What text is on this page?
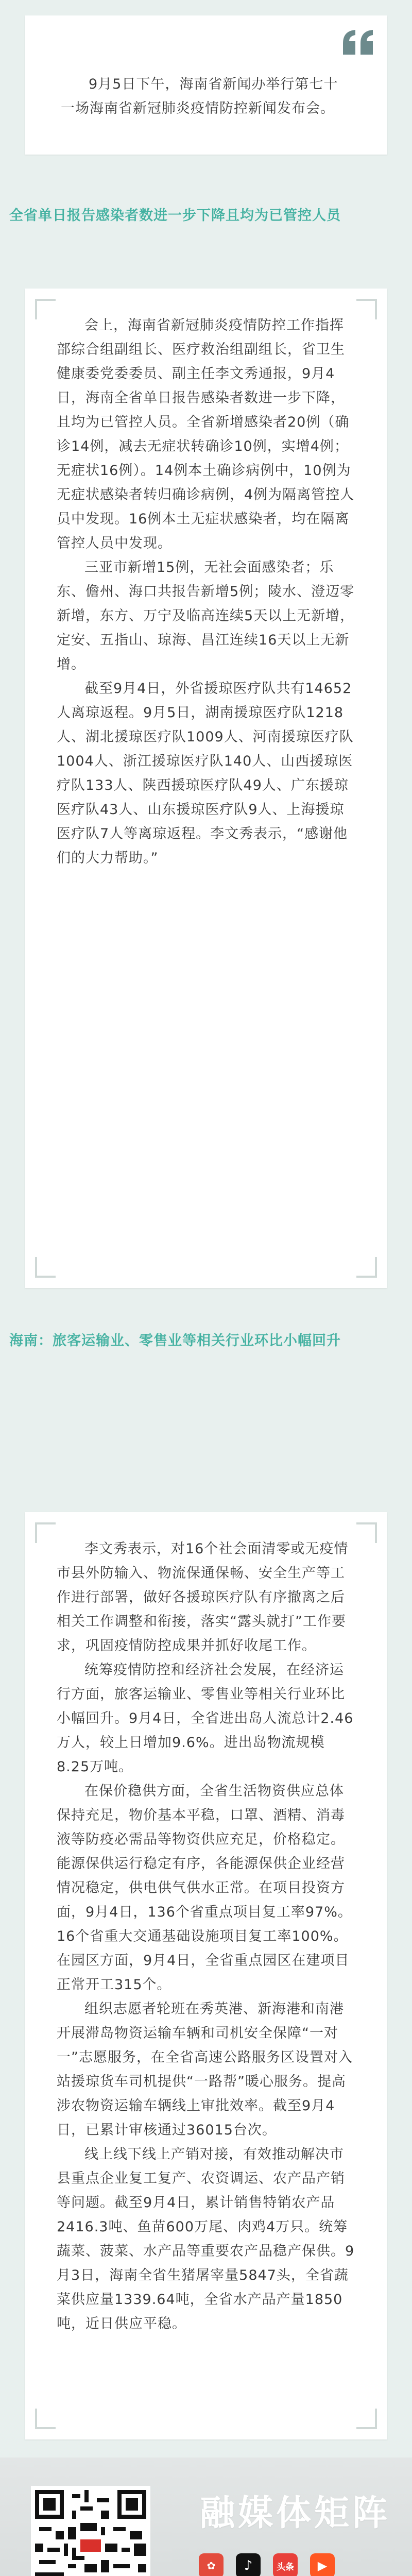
9月5日下午，海南省新闻办举行第七十一场海南省新冠肺炎疫情防控新闻发布会。

全省单日报告感染者数进一步下降且均为已管控人员

会上，海南省新冠肺炎疫情防控工作指挥部综合组副组长、医疗救治组副组长，省卫生健康委党委委员、副主任李文秀通报，9月4日，海南全省单日报告感染者数进一步下降，且均为已管控人员。全省新增感染者20例（确诊14例，减去无症状转确诊10例，实增4例；无症状16例）。14例本土确诊病例中，10例为无症状感染者转归确诊病例，4例为隔离管控人员中发现。16例本土无症状感染者，均在隔离管控人员中发现。

三亚市新增15例，无社会面感染者；乐东、儋州、海口共报告新增5例；陵水、澄迈零新增，东方、万宁及临高连续5天以上无新增，定安、五指山、琼海、昌江连续16天以上无新增。

截至9月4日，外省援琼医疗队共有14652人离琼返程。9月5日，湖南援琼医疗队1218人、湖北援琼医疗队1009人、河南援琼医疗队1004人、浙江援琼医疗队140人、山西援琼医疗队133人、陕西援琼医疗队49人、广东援琼医疗队43人、山东援琼医疗队9人、上海援琼医疗队7人等离琼返程。李文秀表示，“感谢他们的大力帮助。”

海南：旅客运输业、零售业等相关行业环比小幅回升

李文秀表示，对16个社会面清零或无疫情市县外防输入、物流保通保畅、安全生产等工作进行部署，做好各援琼医疗队有序撤离之后相关工作调整和衔接，落实“露头就打”工作要求，巩固疫情防控成果并抓好收尾工作。

统筹疫情防控和经济社会发展，在经济运行方面，旅客运输业、零售业等相关行业环比小幅回升。9月4日，全省进出岛人流总计2.46万人，较上日增加9.6%。进出岛物流规模8.25万吨。

在保价稳供方面，全省生活物资供应总体保持充足，物价基本平稳，口罩、酒精、消毒液等防疫必需品等物资供应充足，价格稳定。能源保供运行稳定有序，各能源保供企业经营情况稳定，供电供气供水正常。在项目投资方面，9月4日，136个省重点项目复工率97%。16个省重大交通基础设施项目复工率100%。在园区方面，9月4日，全省重点园区在建项目正常开工315个。

组织志愿者轮班在秀英港、新海港和南港开展滞岛物资运输车辆和司机安全保障“一对一”志愿服务，在全省高速公路服务区设置对入站援琼货车司机提供“一路帮”暖心服务。提高涉农物资运输车辆线上审批效率。截至9月4日，已累计审核通过36015台次。

线上线下线上产销对接，有效推动解决市县重点企业复工复产、农资调运、农产品产销等问题。截至9月4日，累计销售特销农产品2416.3吨、鱼苗600万尾、肉鸡4万只。统筹蔬菜、菠菜、水产品等重要农产品稳产保供。9月3日，海南全省生猪屠宰量5847头，全省蔬菜供应量1339.64吨，全省水产品产量1850吨，近日供应平稳。

融媒体矩阵
✿	♪	头条	▶
